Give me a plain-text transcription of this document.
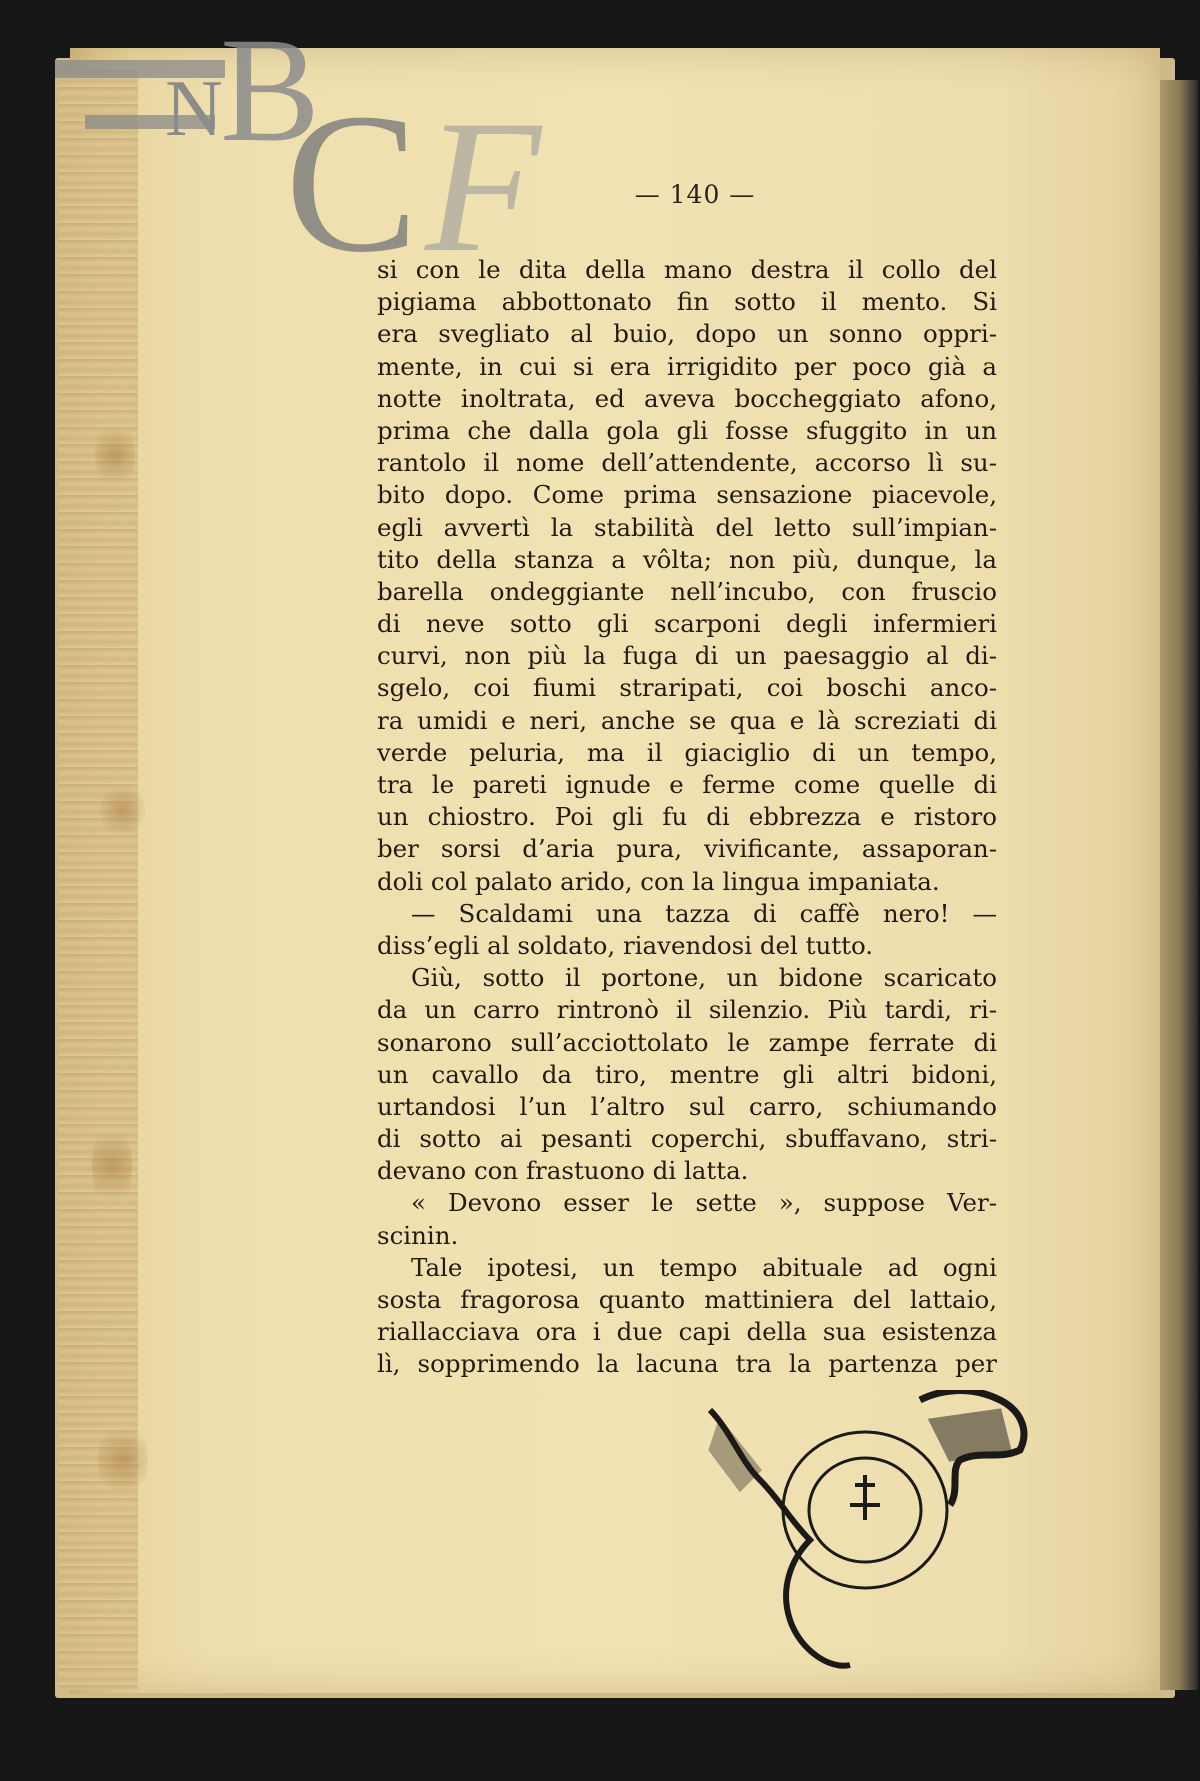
N
B
C F	— 140 —
si con le dita della mano destra il collo del
pigiama abbottonato fin sotto il mento. Si
era svegliato al buio, dopo un sonno oppri-
mente, in cui si era irrigidito per poco già a
notte inoltrata, ed aveva boccheggiato afono,
prima che dalla gola gli fosse sfuggito in un
rantolo il nome dell’attendente, accorso lì su-
bito dopo. Come prima sensazione piacevole,
egli avvertì la stabilità del letto sull’impian-
tito della stanza a vôlta; non più, dunque, la
barella ondeggiante nell’incubo, con fruscio
di neve sotto gli scarponi degli infermieri
curvi, non più la fuga di un paesaggio al di-
sgelo, coi fiumi straripati, coi boschi anco-
ra umidi e neri, anche se qua e là screziati di
verde peluria, ma il giaciglio di un tempo,
tra le pareti ignude e ferme come quelle di
un chiostro. Poi gli fu di ebbrezza e ristoro
ber sorsi d’aria pura, vivificante, assaporan-
doli col palato arido, con la lingua impaniata.
— Scaldami una tazza di caffè nero! —
diss’egli al soldato, riavendosi del tutto.
Giù, sotto il portone, un bidone scaricato
da un carro rintronò il silenzio. Più tardi, ri-
sonarono sull’acciottolato le zampe ferrate di
un cavallo da tiro, mentre gli altri bidoni,
urtandosi l’un l’altro sul carro, schiumando
di sotto ai pesanti coperchi, sbuffavano, stri-
devano con frastuono di latta.
« Devono esser le sette », suppose Ver-
scinin.
Tale ipotesi, un tempo abituale ad ogni
sosta fragorosa quanto mattiniera del lattaio,
riallacciava ora i due capi della sua esistenza
lì, sopprimendo la lacuna tra la partenza per
